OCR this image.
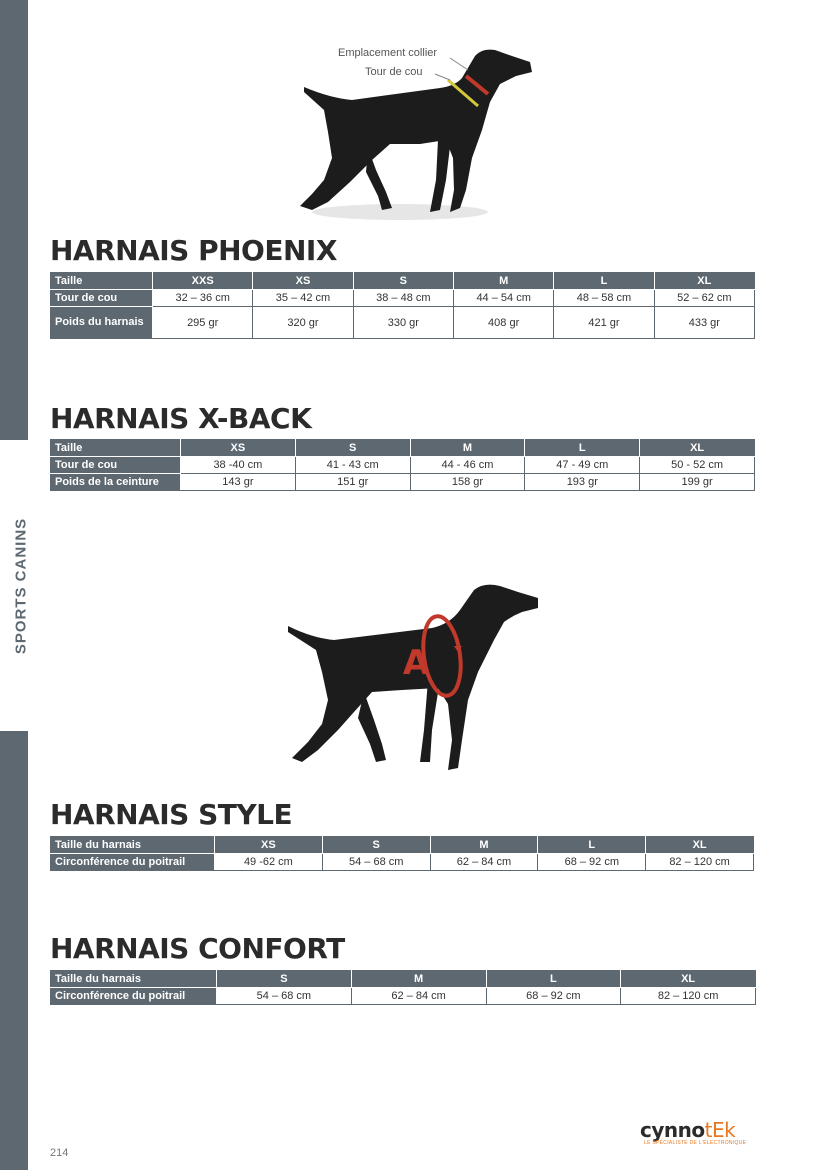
SPORTS CANINS
Emplacement collier
Tour de cou
HARNAIS PHOENIX
Taille	XXS	XS	S	M	L	XL
Tour de cou	32 – 36 cm	35 – 42 cm	38 – 48 cm	44 – 54 cm	48 – 58 cm	52 – 62 cm
Poids du harnais	295 gr	320 gr	330 gr	408 gr	421 gr	433 gr
HARNAIS X-BACK
Taille	XS	S	M	L	XL
Tour de cou	38 -40 cm	41 - 43 cm	44 - 46 cm	47 - 49 cm	50 - 52 cm
Poids de la ceinture	143 gr	151 gr	158 gr	193 gr	199 gr
A
HARNAIS STYLE
Taille du harnais	XS	S	M	L	XL
Circonférence du poitrail	49 -62 cm	54 – 68 cm	62 – 84 cm	68 – 92 cm	82 – 120 cm
HARNAIS CONFORT
Taille du harnais	S	M	L	XL
Circonférence du poitrail	54 – 68 cm	62 – 84 cm	68 – 92 cm	82 – 120 cm
214
cynnotEk
LE SPÉCIALISTE DE L'ÉLECTRONIQUE
